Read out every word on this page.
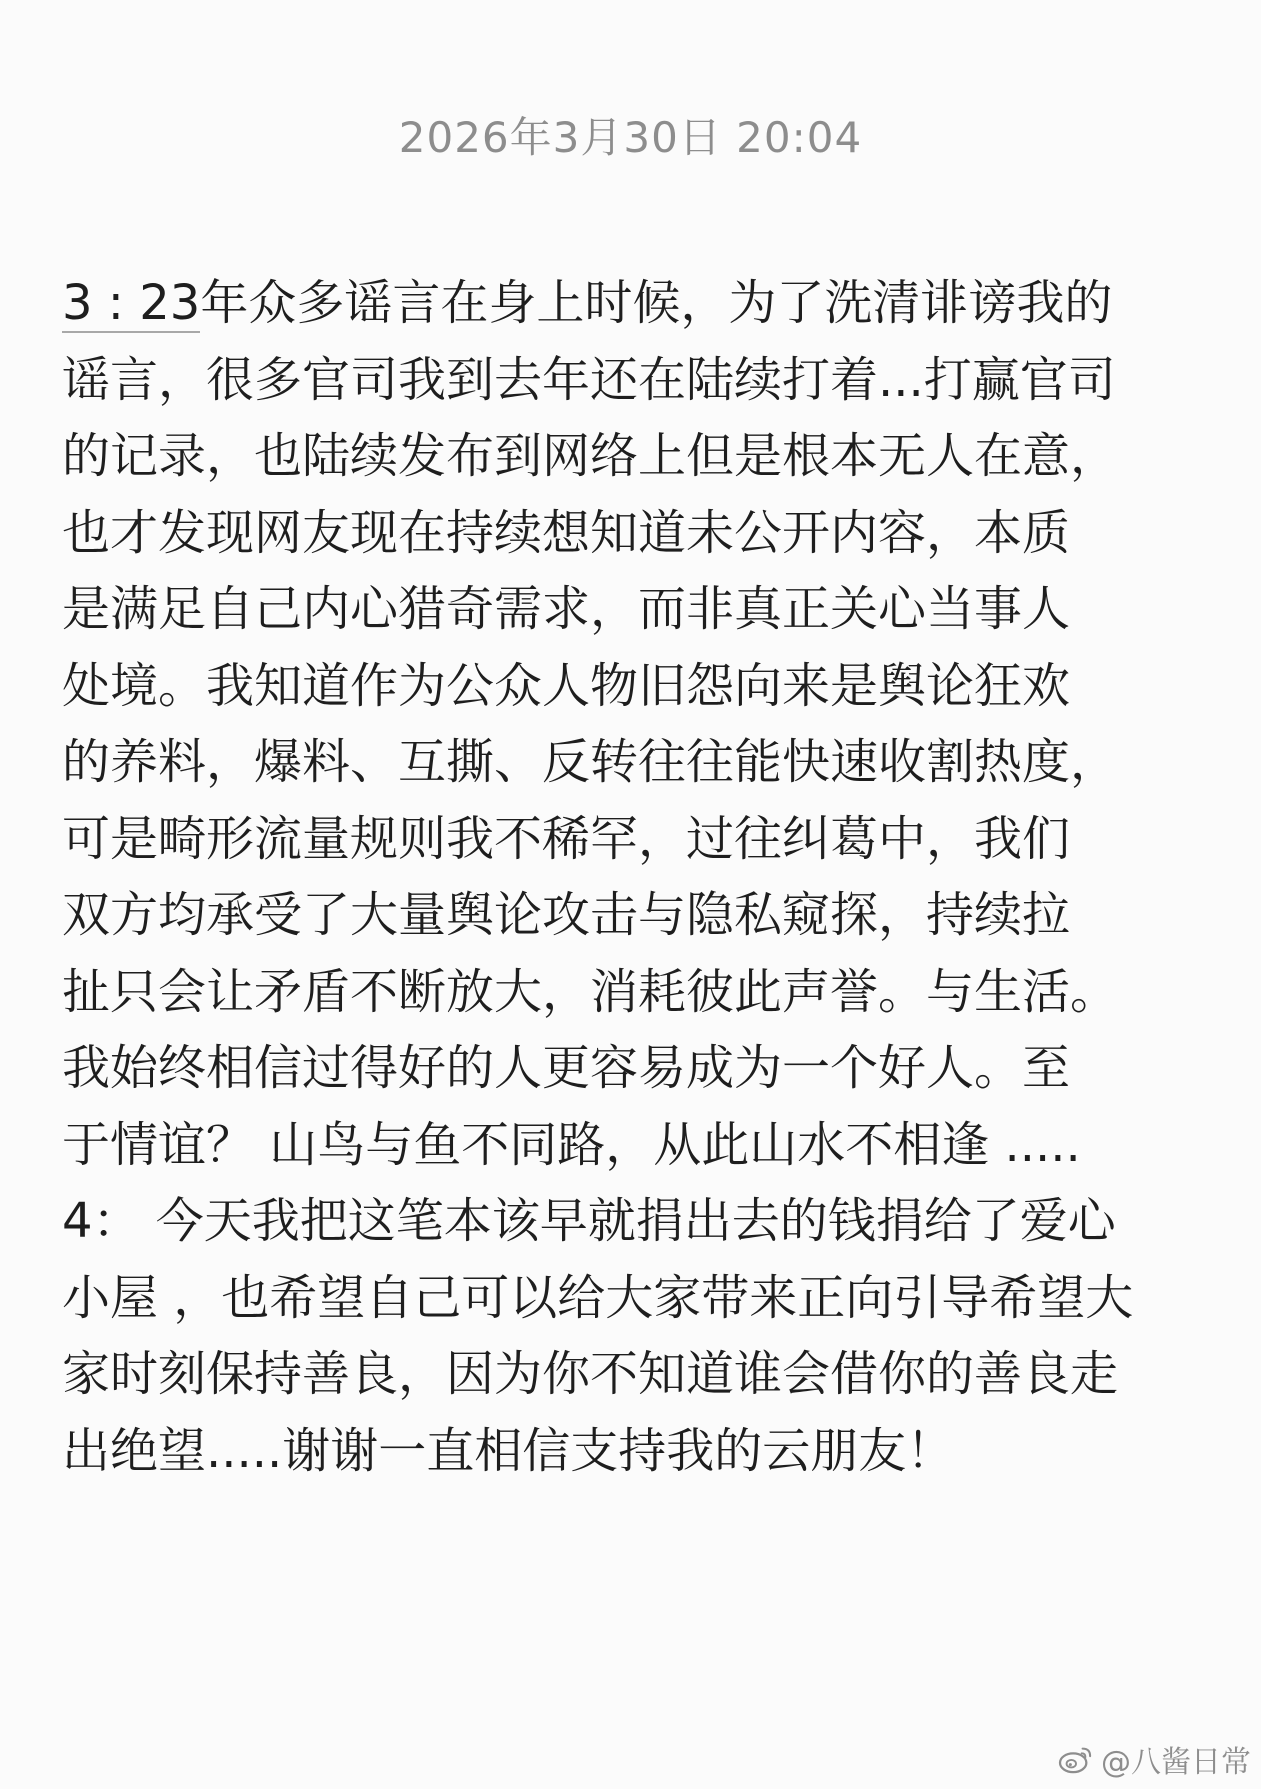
2026年3月30日 20:04
3 : 23年众多谣言在身上时候，为了洗清诽谤我的
谣言，很多官司我到去年还在陆续打着...打赢官司
的记录，也陆续发布到网络上但是根本无人在意，
也才发现网友现在持续想知道未公开内容，本质
是满足自己内心猎奇需求，而非真正关心当事人
处境。我知道作为公众人物旧怨向来是舆论狂欢
的养料，爆料、互撕、反转往往能快速收割热度，
可是畸形流量规则我不稀罕，过往纠葛中，我们
双方均承受了大量舆论攻击与隐私窥探，持续拉
扯只会让矛盾不断放大，消耗彼此声誉。与生活。
我始终相信过得好的人更容易成为一个好人。至
于情谊？ 山鸟与鱼不同路，从此山水不相逢 .....
4： 今天我把这笔本该早就捐出去的钱捐给了爱心
小屋 ，也希望自己可以给大家带来正向引导希望大
家时刻保持善良，因为你不知道谁会借你的善良走
出绝望.....谢谢一直相信支持我的云朋友！
@八酱日常
